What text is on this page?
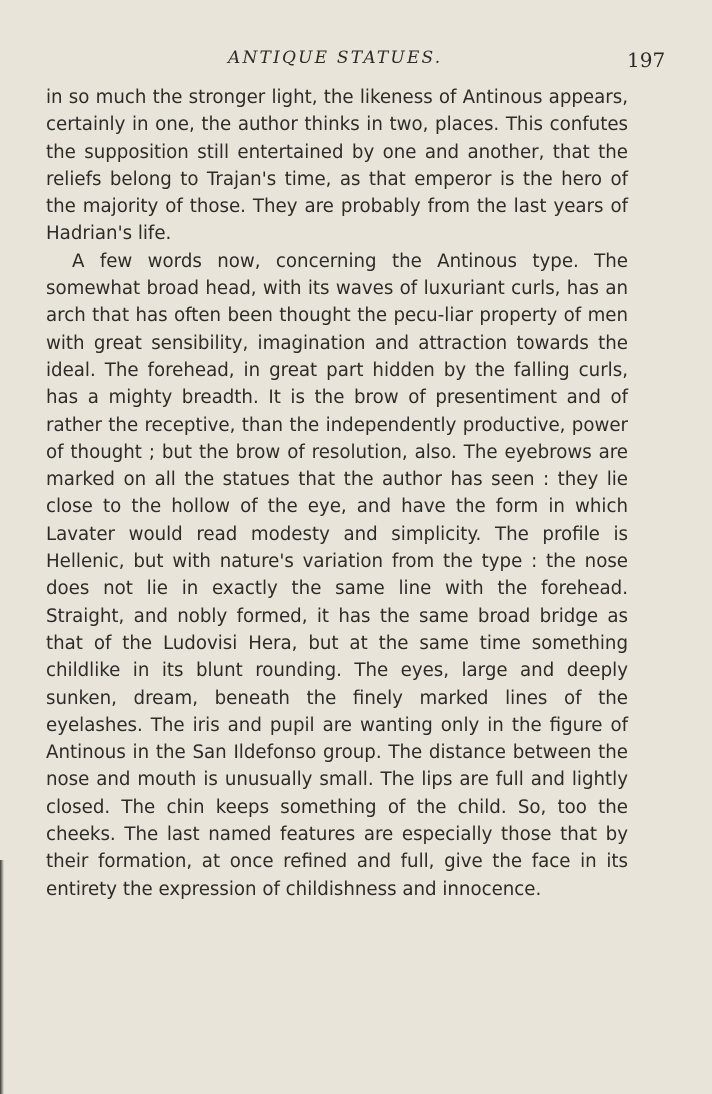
ANTIQUE STATUES.	197

in so much the stronger light, the likeness of Antinous appears, certainly in one, the author thinks in two, places. This confutes the supposition still entertained by one and another, that the reliefs belong to Trajan's time, as that emperor is the hero of the majority of those. They are probably from the last years of Hadrian's life.

A few words now, concerning the Antinous type. The somewhat broad head, with its waves of luxuriant curls, has an arch that has often been thought the pecu-liar property of men with great sensibility, imagination and attraction towards the ideal. The forehead, in great part hidden by the falling curls, has a mighty breadth. It is the brow of presentiment and of rather the receptive, than the independently productive, power of thought ; but the brow of resolution, also. The eyebrows are marked on all the statues that the author has seen : they lie close to the hollow of the eye, and have the form in which Lavater would read modesty and simplicity. The profile is Hellenic, but with nature's variation from the type : the nose does not lie in exactly the same line with the forehead. Straight, and nobly formed, it has the same broad bridge as that of the Ludovisi Hera, but at the same time something childlike in its blunt rounding. The eyes, large and deeply sunken, dream, beneath the finely marked lines of the eyelashes. The iris and pupil are wanting only in the figure of Antinous in the San Ildefonso group. The distance between the nose and mouth is unusually small. The lips are full and lightly closed. The chin keeps something of the child. So, too the cheeks. The last named features are especially those that by their formation, at once refined and full, give the face in its entirety the expression of childishness and innocence.
